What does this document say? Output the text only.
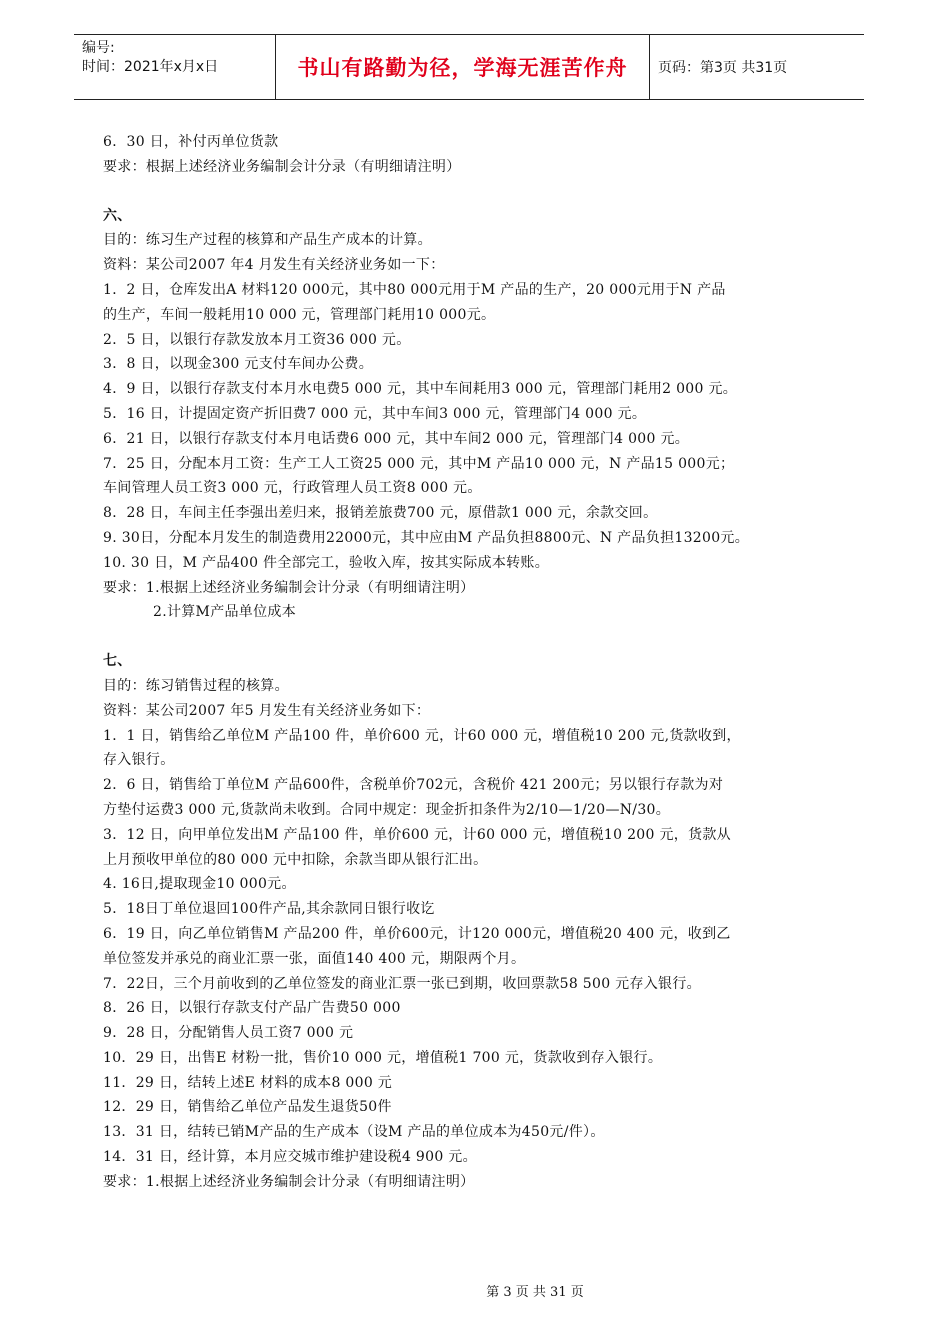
编号:
时间：2021年x月x日	书山有路勤为径，学海无涯苦作舟	页码：第3页 共31页

6．30 日，补付丙单位货款

要求：根据上述经济业务编制会计分录（有明细请注明）

六、

目的：练习生产过程的核算和产品生产成本的计算。

资料：某公司2007 年4 月发生有关经济业务如一下：

1．2 日，仓库发出A 材料120 000元，其中80 000元用于M 产品的生产，20 000元用于N 产品

的生产，车间一般耗用10 000 元，管理部门耗用10 000元。

2．5 日，以银行存款发放本月工资36 000 元。

3．8 日，以现金300 元支付车间办公费。

4．9 日，以银行存款支付本月水电费5 000 元，其中车间耗用3 000 元，管理部门耗用2 000 元。

5．16 日，计提固定资产折旧费7 000 元，其中车间3 000 元，管理部门4 000 元。

6．21 日，以银行存款支付本月电话费6 000 元，其中车间2 000 元，管理部门4 000 元。

7．25 日，分配本月工资：生产工人工资25 000 元，其中M 产品10 000 元，N 产品15 000元；

车间管理人员工资3 000 元，行政管理人员工资8 000 元。

8．28 日，车间主任李强出差归来，报销差旅费700 元，原借款1 000 元，余款交回。

9. 30日，分配本月发生的制造费用22000元，其中应由M 产品负担8800元、N 产品负担13200元。

10. 30 日，M 产品400 件全部完工，验收入库，按其实际成本转账。

要求：1.根据上述经济业务编制会计分录（有明细请注明）

2.计算M产品单位成本

七、

目的：练习销售过程的核算。

资料：某公司2007 年5 月发生有关经济业务如下：

1．1 日，销售给乙单位M 产品100 件，单价600 元，计60 000 元，增值税10 200 元,货款收到，

存入银行。

2．6 日，销售给丁单位M 产品600件，含税单价702元，含税价 421 200元；另以银行存款为对

方垫付运费3 000 元,货款尚未收到。合同中规定：现金折扣条件为2/10—1/20—N/30。

3．12 日，向甲单位发出M 产品100 件，单价600 元，计60 000 元，增值税10 200 元，货款从

上月预收甲单位的80 000 元中扣除，余款当即从银行汇出。

4. 16日,提取现金10 000元。

5．18日丁单位退回100件产品,其余款同日银行收讫

6．19 日，向乙单位销售M 产品200 件，单价600元，计120 000元，增值税20 400 元，收到乙

单位签发并承兑的商业汇票一张，面值140 400 元，期限两个月。

7．22日，三个月前收到的乙单位签发的商业汇票一张已到期，收回票款58 500 元存入银行。

8．26 日，以银行存款支付产品广告费50 000

9．28 日，分配销售人员工资7 000 元

10．29 日，出售E 材粉一批，售价10 000 元，增值税1 700 元，货款收到存入银行。

11．29 日，结转上述E 材料的成本8 000 元

12．29 日，销售给乙单位产品发生退货50件

13．31 日，结转已销M产品的生产成本（设M 产品的单位成本为450元/件）。

14．31 日，经计算，本月应交城市维护建设税4 900 元。

要求：1.根据上述经济业务编制会计分录（有明细请注明）

第 3 页 共 31 页
